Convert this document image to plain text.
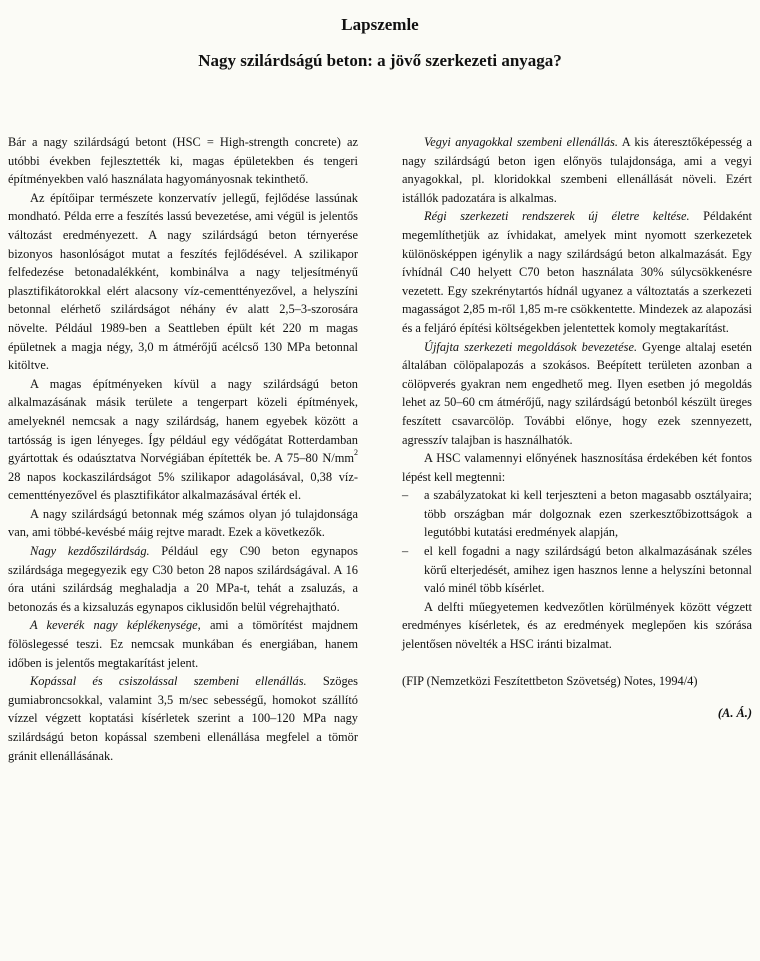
Lapszemle
Nagy szilárdságú beton: a jövő szerkezeti anyaga?

Bár a nagy szilárdságú betont (HSC = High-strength concrete) az utóbbi években fejlesztették ki, magas épületekben és tengeri építményekben való használata hagyományosnak tekinthető.

Az építőipar természete konzervatív jellegű, fejlődése lassúnak mondható. Példa erre a feszítés lassú bevezetése, ami végül is jelentős változást eredményezett. A nagy szilárdságú beton térnyerése bizonyos hasonlóságot mutat a feszítés fejlődésével. A szilikapor felfedezése betonadalékként, kombinálva a nagy teljesítményű plasztifikátorokkal elért alacsony víz-cementtényezővel, a helyszíni betonnal elérhető szilárdságot néhány év alatt 2,5–3-szorosára növelte. Például 1989-ben a Seattleben épült két 220 m magas épületnek a magja négy, 3,0 m átmérőjű acélcső 130 MPa betonnal kitöltve.

A magas építményeken kívül a nagy szilárdságú beton alkalmazásának másik területe a tengerpart közeli építmények, amelyeknél nemcsak a nagy szilárdság, hanem egyebek között a tartósság is igen lényeges. Így például egy védőgátat Rotterdamban gyártottak és odaúsztatva Norvégiában építették be. A 75–80 $N/mm^2$ 28 napos kockaszilárdságot 5% szilikapor adagolásával, 0,38 víz-cementtényezővel és plasztifikátor alkalmazásával érték el.

A nagy szilárdságú betonnak még számos olyan jó tulajdonsága van, ami többé-kevésbé máig rejtve maradt. Ezek a következők.

Nagy kezdőszilárdság. Például egy C90 beton egynapos szilárdsága megegyezik egy C30 beton 28 napos szilárdságával. A 16 óra utáni szilárdság meghaladja a 20 MPa-t, tehát a zsaluzás, a betonozás és a kizsaluzás egynapos ciklusidőn belül végrehajtható.

A keverék nagy képlékenysége, ami a tömörítést majdnem fölöslegessé teszi. Ez nemcsak munkában és energiában, hanem időben is jelentős megtakarítást jelent.

Kopással és csiszolással szembeni ellenállás. Szöges gumiabroncsokkal, valamint 3,5 m/sec sebességű, homokot szállító vízzel végzett koptatási kísérletek szerint a 100–120 MPa nagy szilárdságú beton kopással szembeni ellenállása megfelel a tömör gránit ellenállásának.

Vegyi anyagokkal szembeni ellenállás. A kis áteresztőképesség a nagy szilárdságú beton igen előnyös tulajdonsága, ami a vegyi anyagokkal, pl. kloridokkal szembeni ellenállását növeli. Ezért istállók padozatára is alkalmas.

Régi szerkezeti rendszerek új életre keltése. Példaként megemlíthetjük az ívhidakat, amelyek mint nyomott szerkezetek különösképpen igénylik a nagy szilárdságú beton alkalmazását. Egy ívhídnál C40 helyett C70 beton használata 30% súlycsökkenésre vezetett. Egy szekrénytartós hídnál ugyanez a változtatás a szerkezeti magasságot 2,85 m-ről 1,85 m-re csökkentette. Mindezek az alapozási és a feljáró építési költségekben jelentettek komoly megtakarítást.

Újfajta szerkezeti megoldások bevezetése. Gyenge altalaj esetén általában cölöpalapozás a szokásos. Beépített területen azonban a cölöpverés gyakran nem engedhető meg. Ilyen esetben jó megoldás lehet az 50–60 cm átmérőjű, nagy szilárdságú betonból készült üreges feszített csavarcölöp. További előnye, hogy ezek szennyezett, agresszív talajban is használhatók.

A HSC valamennyi előnyének hasznosítása érdekében két fontos lépést kell megtenni:

–	a szabályzatokat ki kell terjeszteni a beton magasabb osztályaira; több országban már dolgoznak ezen szerkesztőbizottságok a legutóbbi kutatási eredmények alapján,
–	el kell fogadni a nagy szilárdságú beton alkalmazásának széles körű elterjedését, amihez igen hasznos lenne a helyszíni betonnal való minél több kísérlet.

A delfti műegyetemen kedvezőtlen körülmények között végzett eredményes kísérletek, és az eredmények meglepően kis szórása jelentősen növelték a HSC iránti bizalmat.

(FIP (Nemzetközi Feszítettbeton Szövetség) Notes, 1994/4)

(A. Á.)
